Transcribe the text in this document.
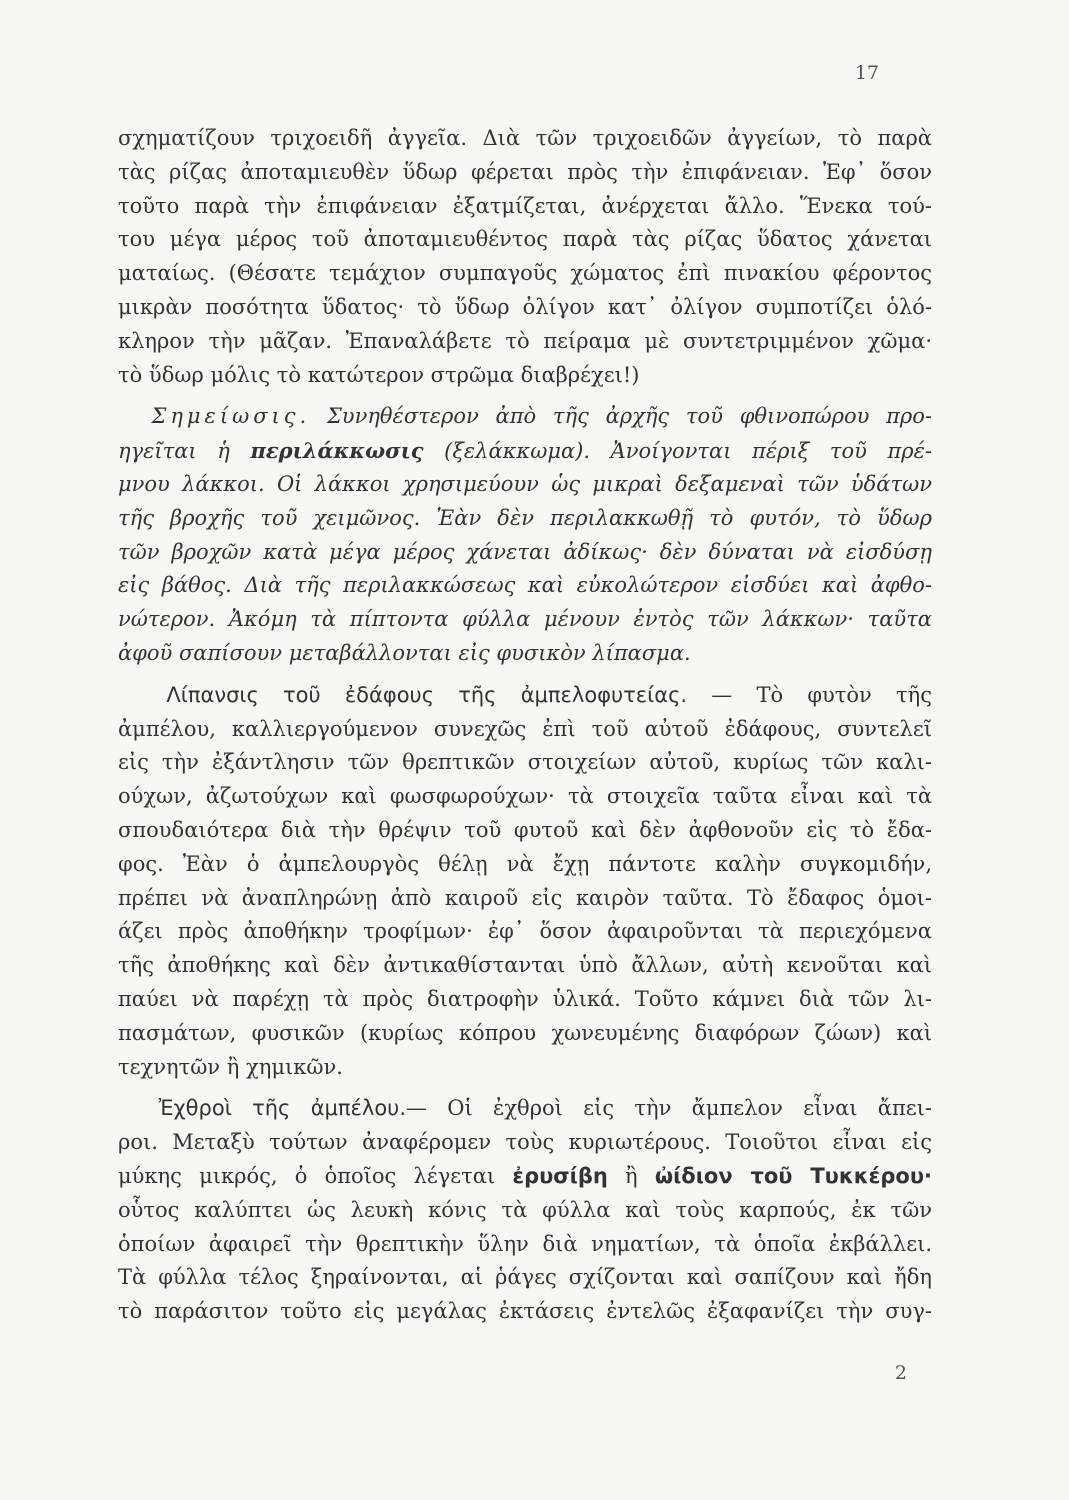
17
σχηματίζουν τριχοειδῆ ἀγγεῖα. Διὰ τῶν τριχοειδῶν ἀγγείων, τὸ παρὰ
τὰς ρίζας ἀποταμιευθὲν ὕδωρ φέρεται πρὸς τὴν ἐπιφάνειαν. Ἐφ᾽ ὅσον
τοῦτο παρὰ τὴν ἐπιφάνειαν ἐξατμίζεται, ἀνέρχεται ἄλλο. Ἕνεκα τού-
του μέγα μέρος τοῦ ἀποταμιευθέντος παρὰ τὰς ρίζας ὕδατος χάνεται
ματαίως. (Θέσατε τεμάχιον συμπαγοῦς χώματος ἐπὶ πινακίου φέροντος
μικρὰν ποσότητα ὕδατος· τὸ ὕδωρ ὀλίγον κατ᾽ ὀλίγον συμποτίζει ὁλό-
κληρον τὴν μᾶζαν. Ἐπαναλάβετε τὸ πείραμα μὲ συντετριμμένον χῶμα·
τὸ ὕδωρ μόλις τὸ κατώτερον στρῶμα διαβρέχει!)
Σημείωσις. Συνηθέστερον ἀπὸ τῆς ἀρχῆς τοῦ φθινοπώρου προ-
ηγεῖται ἡ περιλάκκωσις (ξελάκκωμα). Ἀνοίγονται πέριξ τοῦ πρέ-
μνου λάκκοι. Οἱ λάκκοι χρησιμεύουν ὡς μικραὶ δεξαμεναὶ τῶν ὑδάτων
τῆς βροχῆς τοῦ χειμῶνος. Ἐὰν δὲν περιλακκωθῇ τὸ φυτόν, τὸ ὕδωρ
τῶν βροχῶν κατὰ μέγα μέρος χάνεται ἀδίκως· δὲν δύναται νὰ εἰσδύσῃ
εἰς βάθος. Διὰ τῆς περιλακκώσεως καὶ εὐκολώτερον εἰσδύει καὶ ἀφθο-
νώτερον. Ἀκόμη τὰ πίπτοντα φύλλα μένουν ἐντὸς τῶν λάκκων· ταῦτα
ἀφοῦ σαπίσουν μεταβάλλονται εἰς φυσικὸν λίπασμα.
Λίπανσις τοῦ ἐδάφους τῆς ἀμπελοφυτείας. — Τὸ φυτὸν τῆς
ἀμπέλου, καλλιεργούμενον συνεχῶς ἐπὶ τοῦ αὐτοῦ ἐδάφους, συντελεῖ
εἰς τὴν ἐξάντλησιν τῶν θρεπτικῶν στοιχείων αὐτοῦ, κυρίως τῶν καλι-
ούχων, ἀζωτούχων καὶ φωσφωρούχων· τὰ στοιχεῖα ταῦτα εἶναι καὶ τὰ
σπουδαιότερα διὰ τὴν θρέψιν τοῦ φυτοῦ καὶ δὲν ἀφθονοῦν εἰς τὸ ἔδα-
φος. Ἐὰν ὁ ἀμπελουργὸς θέλῃ νὰ ἔχῃ πάντοτε καλὴν συγκομιδήν,
πρέπει νὰ ἀναπληρώνῃ ἀπὸ καιροῦ εἰς καιρὸν ταῦτα. Τὸ ἔδαφος ὁμοι-
άζει πρὸς ἀποθήκην τροφίμων· ἐφ᾽ ὅσον ἀφαιροῦνται τὰ περιεχόμενα
τῆς ἀποθήκης καὶ δὲν ἀντικαθίστανται ὑπὸ ἄλλων, αὐτὴ κενοῦται καὶ
παύει νὰ παρέχῃ τὰ πρὸς διατροφὴν ὑλικά. Τοῦτο κάμνει διὰ τῶν λι-
πασμάτων, φυσικῶν (κυρίως κόπρου χωνευμένης διαφόρων ζώων) καὶ
τεχνητῶν ἢ χημικῶν.
Ἐχθροὶ τῆς ἀμπέλου.— Οἱ ἐχθροὶ εἰς τὴν ἄμπελον εἶναι ἄπει-
ροι. Μεταξὺ τούτων ἀναφέρομεν τοὺς κυριωτέρους. Τοιοῦτοι εἶναι εἰς
μύκης μικρός, ὁ ὁποῖος λέγεται ἐρυσίβη ἢ ὠίδιον τοῦ Τυκκέρου·
οὗτος καλύπτει ὡς λευκὴ κόνις τὰ φύλλα καὶ τοὺς καρπούς, ἐκ τῶν
ὁποίων ἀφαιρεῖ τὴν θρεπτικὴν ὕλην διὰ νηματίων, τὰ ὁποῖα ἐκβάλλει.
Τὰ φύλλα τέλος ξηραίνονται, αἱ ῥάγες σχίζονται καὶ σαπίζουν καὶ ἤδη
τὸ παράσιτον τοῦτο εἰς μεγάλας ἐκτάσεις ἐντελῶς ἐξαφανίζει τὴν συγ-
2
